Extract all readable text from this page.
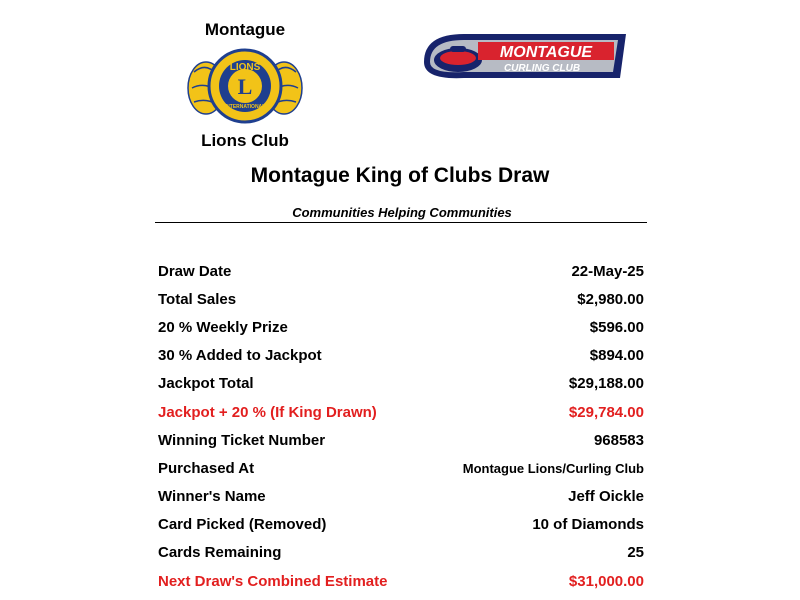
Montague
L
LIONS
INTERNATIONAL
Lions Club
MONTAGUE
CURLING CLUB
Montague King of Clubs Draw
Communities Helping Communities
Draw Date	22-May-25
Total Sales	$2,980.00
20 % Weekly Prize	$596.00
30 % Added to Jackpot	$894.00
Jackpot Total	$29,188.00
Jackpot + 20 % (If King Drawn)	$29,784.00
Winning Ticket Number	968583
Purchased At	Montague Lions/Curling Club
Winner's Name	Jeff Oickle
Card Picked (Removed)	10 of Diamonds
Cards Remaining	25
Next Draw's Combined Estimate	$31,000.00
